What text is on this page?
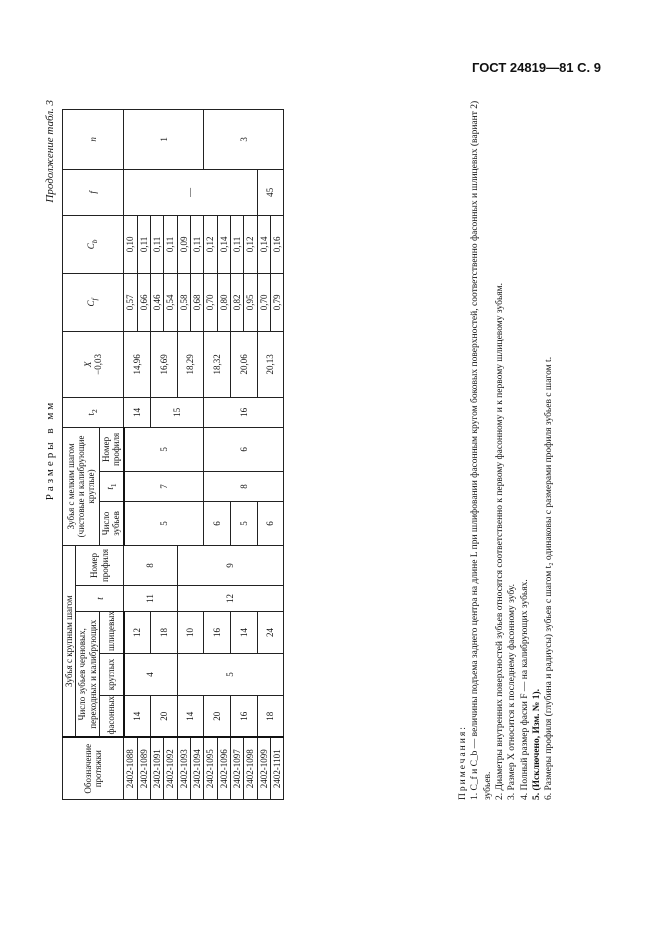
ГОСТ 24819—81 С. 9
Размеры в мм
Продолжение табл. 3
Обозначение протяжки	Зубья с крупным шагом					Зубья с мелким шагом (чистовые и калибрующие круглые)			$t_2$	X
−0,03	$C_f$	$C_b$	f	n
	Число зубьев черновых, переходных и калибрующих			t	Номер профиля									
	фасонных	круглых	шлицевых			Число зубьев	$t_1$	Номер профиля						
2402-1088	14	4	12	11	8	5	7	5	14	14,96	0,57	0,10	—	1
2402-1089											0,66	0,11		
2402-1091	20		18						15	16,69	0,46	0,11		
2402-1092											0,54	0,11		
2402-1093	14	5	10	12	9					18,29	0,58	0,09		
2402-1094											0,68	0,11		
2402-1095	20		16			6	8	6	16	18,32	0,70	0,12		3
2402-1096											0,80	0,14		
2402-1097	16		14			5				20,06	0,82	0,11		
2402-1098											0,95	0,12		
2402-1099	18		24			6				20,13	0,70	0,14	45	
2402-1101											0,79	0,16		
Примечания: 1. C_f и C_b — величины подъема заднего центра на длине L при шлифовании фасонным кругом боковых поверхностей, соответственно фасонных и шлицевых (вариант 2) зубьев. 2. Диаметры внутренних поверхностей зубьев относятся соответственно к первому фасонному и к первому шлицевому зубьям. 3. Размер X относится к последнему фасонному зубу. 4. Полный размер фаски F — на калибрующих зубьях. 5. (Исключено, Изм. № 1). 6. Размеры профиля (глубина и радиусы) зубьев с шагом t₂ одинаковы с размерами профиля зубьев с шагом t.
